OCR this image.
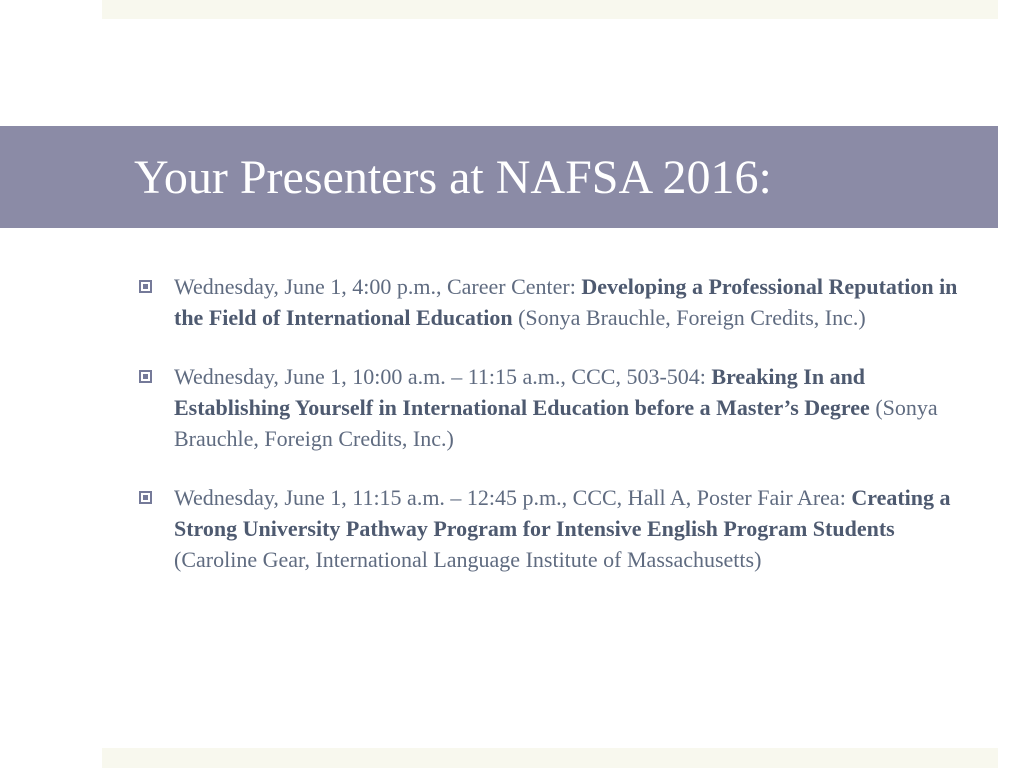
Your Presenters at NAFSA 2016:
Wednesday, June 1, 4:00 p.m., Career Center: Developing a Professional Reputation in the Field of International Education (Sonya Brauchle, Foreign Credits, Inc.)
Wednesday, June 1, 10:00 a.m. – 11:15 a.m., CCC, 503-504: Breaking In and Establishing Yourself in International Education before a Master’s Degree (Sonya Brauchle, Foreign Credits, Inc.)
Wednesday, June 1, 11:15 a.m. – 12:45 p.m., CCC, Hall A, Poster Fair Area: Creating a Strong University Pathway Program for Intensive English Program Students (Caroline Gear, International Language Institute of Massachusetts)
